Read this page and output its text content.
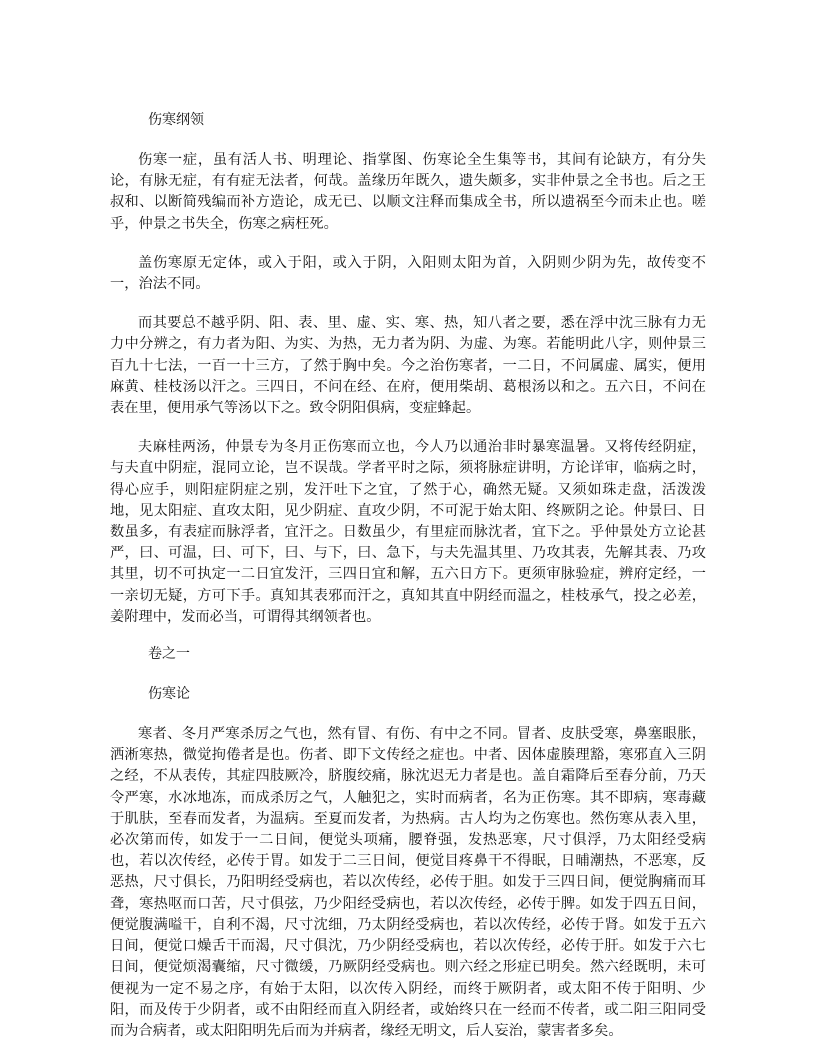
伤寒纲领

伤寒一症，虽有活人书、明理论、指掌图、伤寒论全生集等书，其间有论缺方，有分失论，有脉无症，有有症无法者，何哉。盖缘历年既久，遗失颇多，实非仲景之全书也。后之王叔和、以断简残编而补方造论，成无已、以顺文注释而集成全书，所以遗祸至今而未止也。嗟乎，仲景之书失全，伤寒之病枉死。

盖伤寒原无定体，或入于阳，或入于阴，入阳则太阳为首，入阴则少阴为先，故传变不一，治法不同。

而其要总不越乎阴、阳、表、里、虚、实、寒、热，知八者之要，悉在浮中沈三脉有力无力中分辨之，有力者为阳、为实、为热，无力者为阴、为虚、为寒。若能明此八字，则仲景三百九十七法，一百一十三方，了然于胸中矣。今之治伤寒者，一二日，不问属虚、属实，便用麻黄、桂枝汤以汗之。三四日，不问在经、在府，便用柴胡、葛根汤以和之。五六日，不问在表在里，便用承气等汤以下之。致令阴阳俱病，变症蜂起。

夫麻桂两汤，仲景专为冬月正伤寒而立也，今人乃以通治非时暴寒温暑。又将传经阴症，与夫直中阴症，混同立论，岂不误哉。学者平时之际，须将脉症讲明，方论详审，临病之时，得心应手，则阳症阴症之别，发汗吐下之宜，了然于心，确然无疑。又须如珠走盘，活泼泼地，见太阳症、直攻太阳，见少阴症、直攻少阴，不可泥于始太阳、终厥阴之论。仲景曰、日数虽多，有表症而脉浮者，宜汗之。日数虽少，有里症而脉沈者，宜下之。乎仲景处方立论甚严，曰、可温，曰、可下，曰、与下，曰、急下，与夫先温其里、乃攻其表，先解其表、乃攻其里，切不可执定一二日宜发汗，三四日宜和解，五六日方下。更须审脉验症，辨府定经，一一亲切无疑，方可下手。真知其表邪而汗之，真知其直中阴经而温之，桂枝承气，投之必差，姜附理中，发而必当，可谓得其纲领者也。

卷之一

伤寒论

寒者、冬月严寒杀厉之气也，然有冒、有伤、有中之不同。冒者、皮肤受寒，鼻塞眼胀，洒淅寒热，微觉拘倦者是也。伤者、即下文传经之症也。中者、因体虚腠理豁，寒邪直入三阴之经，不从表传，其症四肢厥冷，脐腹绞痛，脉沈迟无力者是也。盖自霜降后至春分前，乃天令严寒，水冰地冻，而成杀厉之气，人触犯之，实时而病者，名为正伤寒。其不即病，寒毒藏于肌肤，至春而发者，为温病。至夏而发者，为热病。古人均为之伤寒也。然伤寒从表入里，必次第而传，如发于一二日间，便觉头项痛，腰脊强，发热恶寒，尺寸俱浮，乃太阳经受病也，若以次传经，必传于胃。如发于二三日间，便觉目疼鼻干不得眠，日晡潮热，不恶寒，反恶热，尺寸俱长，乃阳明经受病也，若以次传经，必传于胆。如发于三四日间，便觉胸痛而耳聋，寒热呕而口苦，尺寸俱弦，乃少阳经受病也，若以次传经，必传于脾。如发于四五日间，便觉腹满嗌干，自利不渴，尺寸沈细，乃太阴经受病也，若以次传经，必传于肾。如发于五六日间，便觉口燥舌干而渴，尺寸俱沈，乃少阴经受病也，若以次传经，必传于肝。如发于六七日间，便觉烦渴囊缩，尺寸微缓，乃厥阴经受病也。则六经之形症已明矣。然六经既明，未可便视为一定不易之序，有始于太阳，以次传入阴经，而终于厥阴者，或太阳不传于阳明、少阳，而及传于少阴者，或不由阳经而直入阴经者，或始终只在一经而不传者，或二阳三阳同受而为合病者，或太阳阳明先后而为并病者，缘经无明文，后人妄治，蒙害者多矣。
